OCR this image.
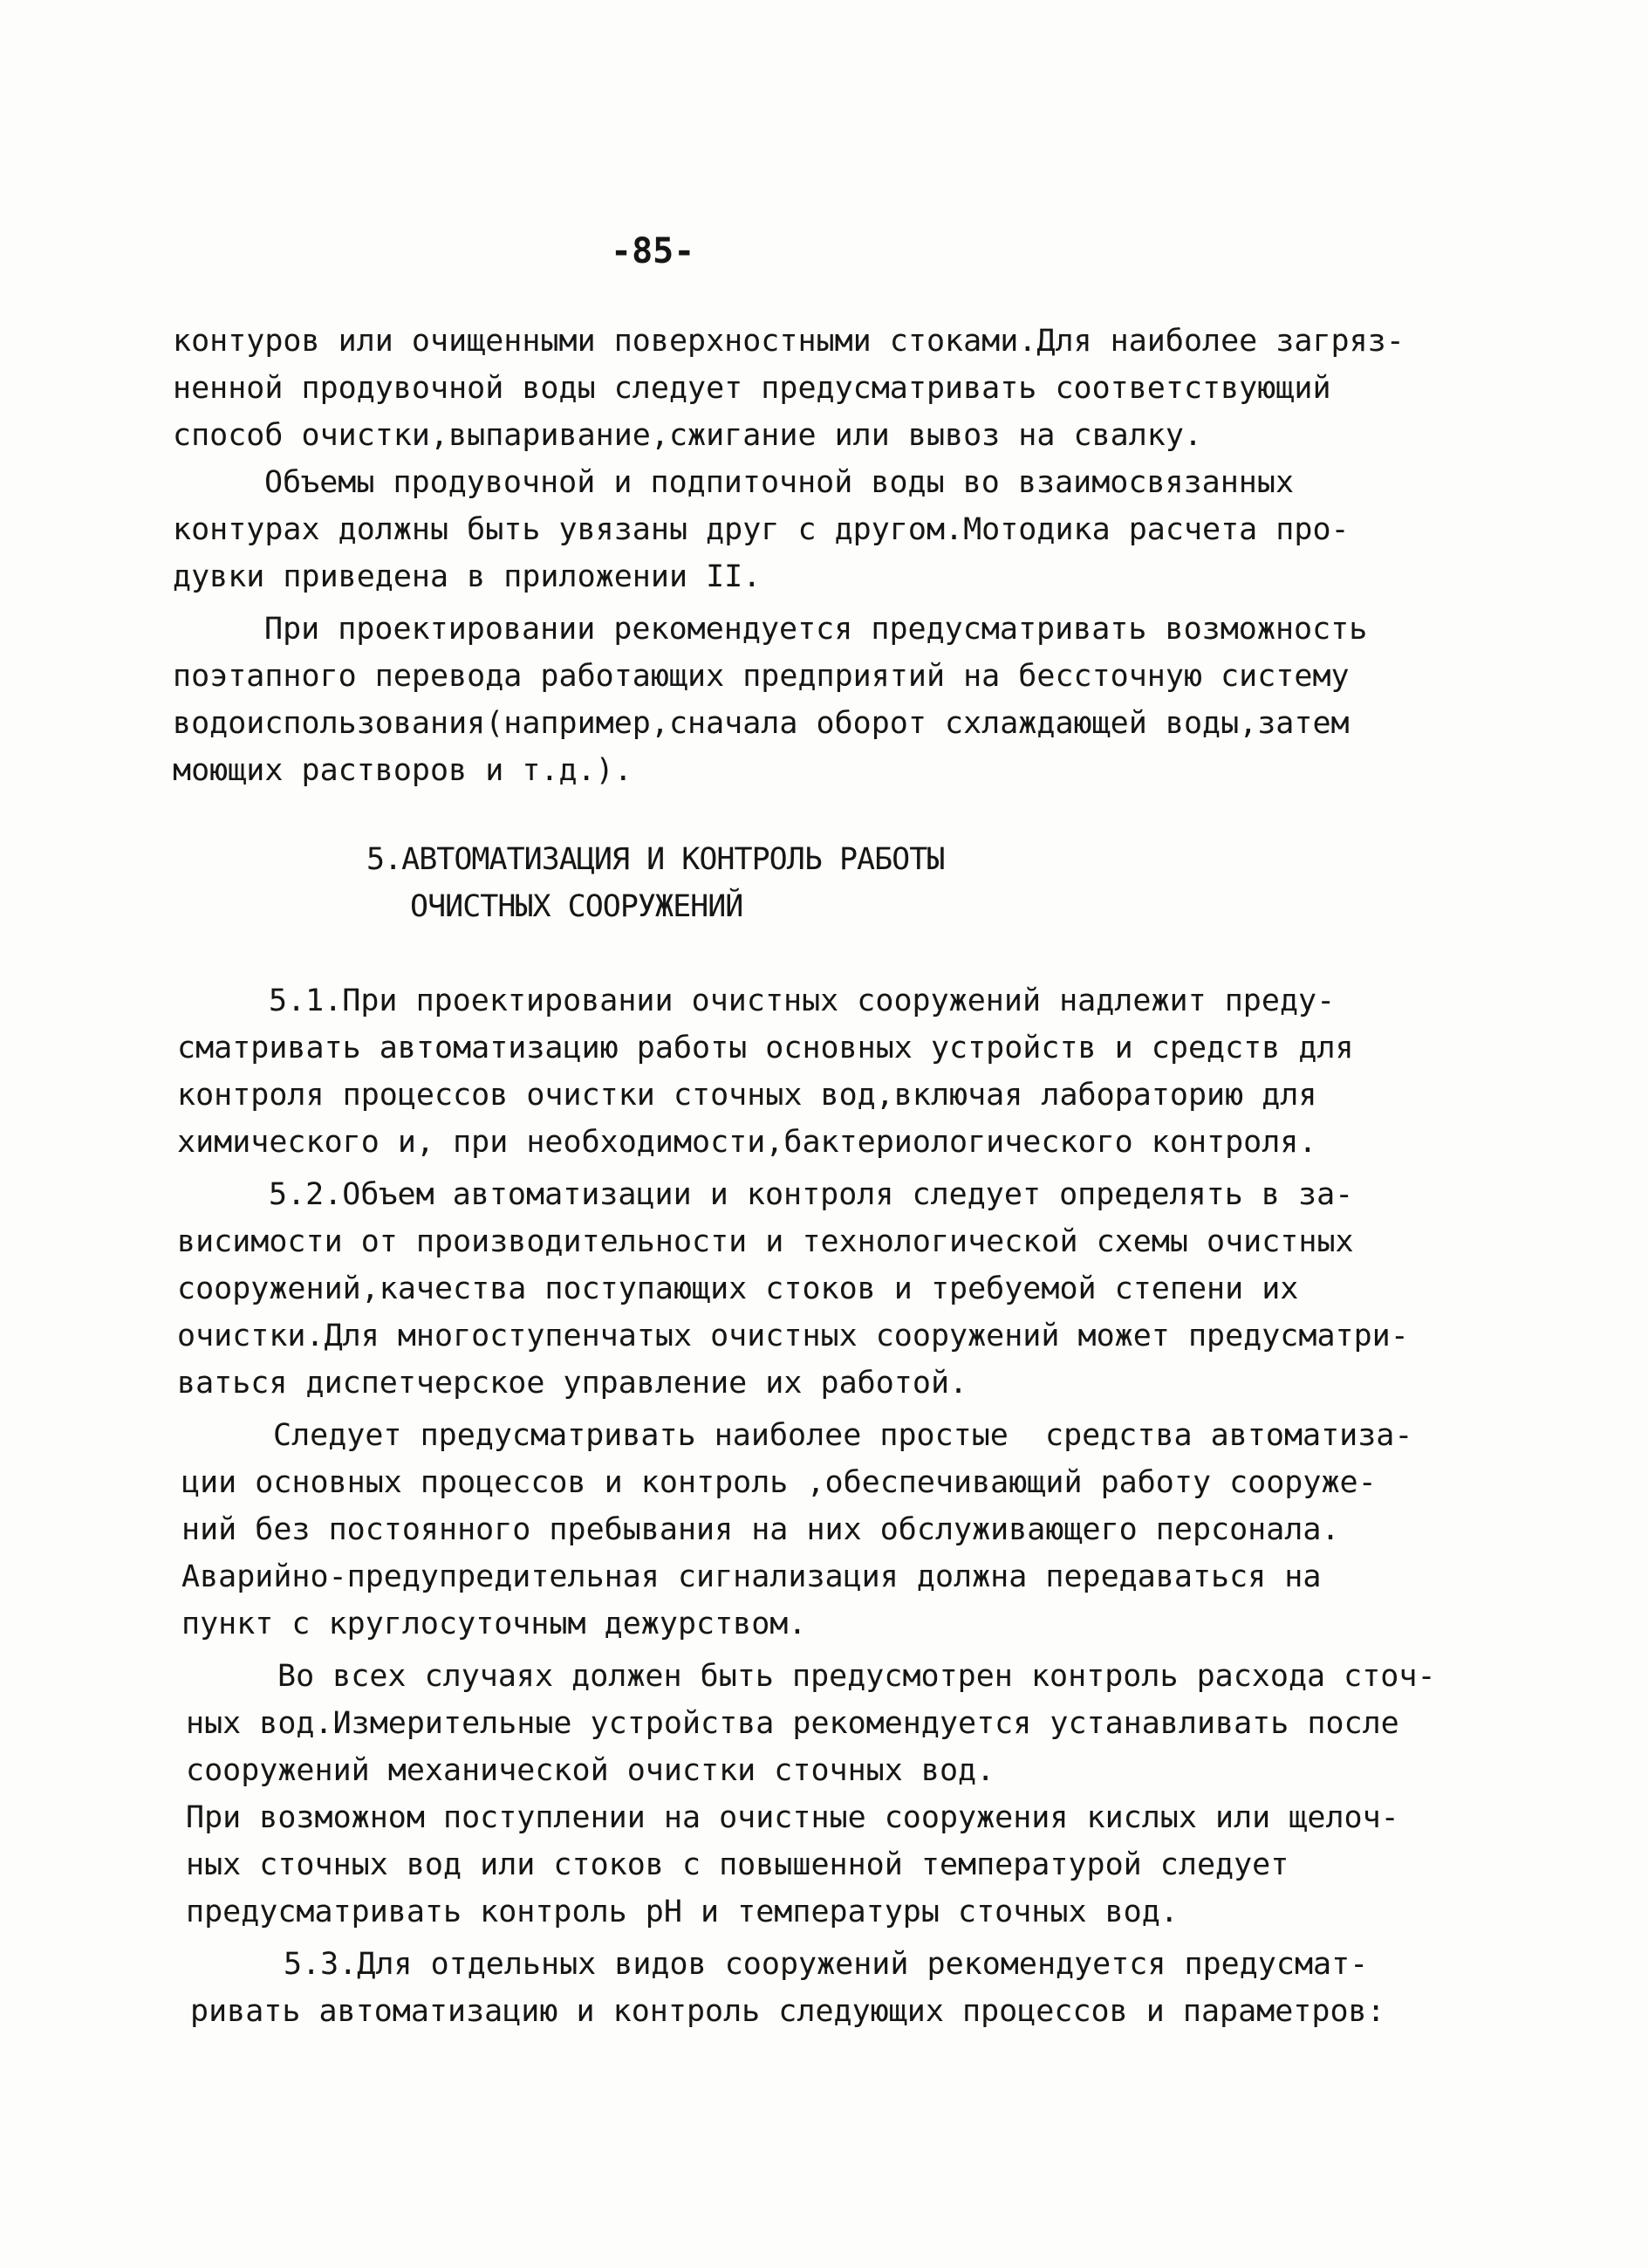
-85-
контуров или очищенными поверхностными стоками.Для наиболее загряз-
ненной продувочной воды следует предусматривать соответствующий
способ очистки,выпаривание,сжигание или вывоз на свалку.
Объемы продувочной и подпиточной воды во взаимосвязанных
контурах должны быть увязаны друг с другом.Мотодика расчета про-
дувки приведена в приложении II.
При проектировании рекомендуется предусматривать возможность
поэтапного перевода работающих предприятий на бессточную систему
водоиспользования(например,сначала оборот схлаждающей воды,затем
моющих растворов и т.д.).
5.АВТОМАТИЗАЦИЯ И КОНТРОЛЬ РАБОТЫ
ОЧИСТНЫХ СООРУЖЕНИЙ
5.1.При проектировании очистных сооружений надлежит преду-
сматривать автоматизацию работы основных устройств и средств для
контроля процессов очистки сточных вод,включая лабораторию для
химического и, при необходимости,бактериологического контроля.
5.2.Объем автоматизации и контроля следует определять в за-
висимости от производительности и технологической схемы очистных
сооружений,качества поступающих стоков и требуемой степени их
очистки.Для многоступенчатых очистных сооружений может предусматри-
ваться диспетчерское управление их работой.
Следует предусматривать наиболее простые  средства автоматиза-
ции основных процессов и контроль ,обеспечивающий работу сооруже-
ний без постоянного пребывания на них обслуживающего персонала.
Аварийно-предупредительная сигнализация должна передаваться на
пункт с круглосуточным дежурством.
Во всех случаях должен быть предусмотрен контроль расхода сточ-
ных вод.Измерительные устройства рекомендуется устанавливать после
сооружений механической очистки сточных вод.
При возможном поступлении на очистные сооружения кислых или щелоч-
ных сточных вод или стоков с повышенной температурой следует
предусматривать контроль рН и температуры сточных вод.
5.3.Для отдельных видов сооружений рекомендуется предусмат-
ривать автоматизацию и контроль следующих процессов и параметров:
